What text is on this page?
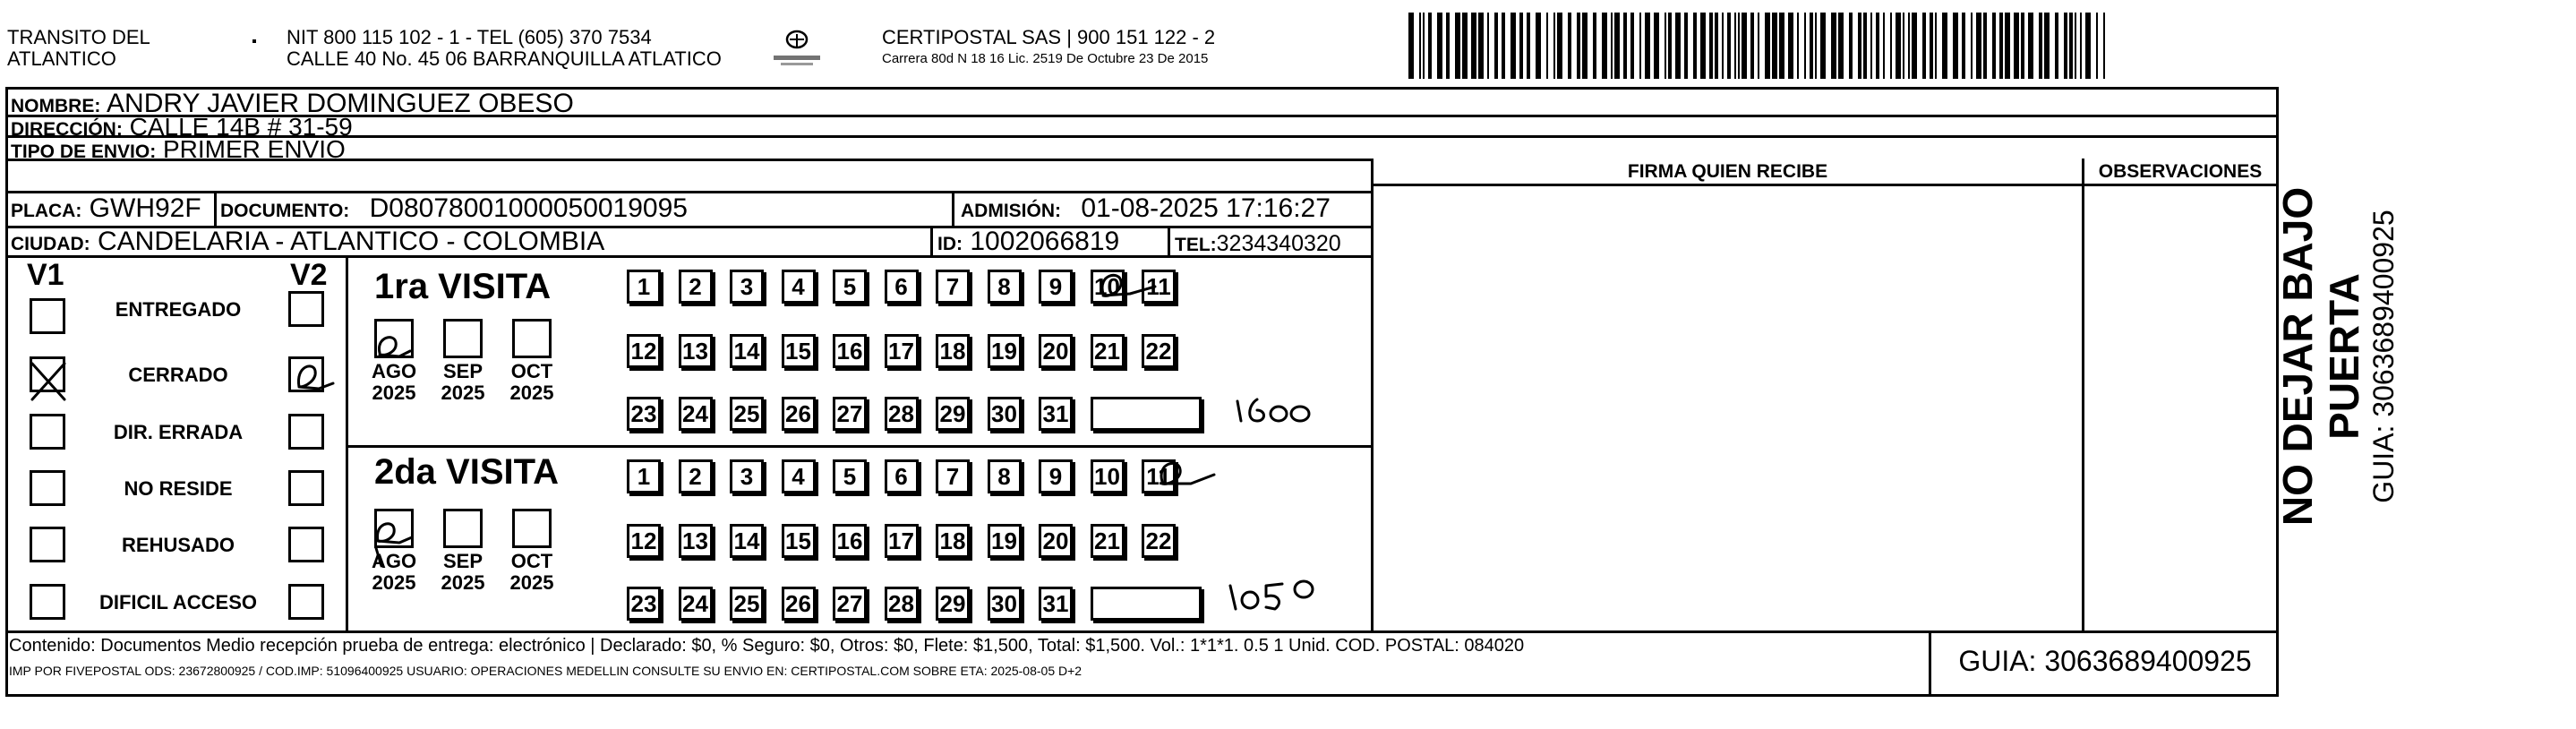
TRANSITO DEL
ATLANTICO
NIT 800 115 102 - 1 - TEL (605) 370 7534
CALLE 40 No. 45 06 BARRANQUILLA ATLATICO
CERTIPOSTAL SAS | 900 151 122 - 2
Carrera 80d N 18 16 Lic. 2519 De Octubre 23 De 2015
NOMBRE: ANDRY JAVIER DOMINGUEZ OBESO
DIRECCIÓN: CALLE 14B # 31-59
TIPO DE ENVIO: PRIMER ENVIO
FIRMA QUIEN RECIBE	OBSERVACIONES
PLACA: GWH92F DOCUMENTO: D08078001000050019095	ADMISIÓN: 01-08-2025 17:16:27
CIUDAD: CANDELARIA - ATLANTICO - COLOMBIA	ID: 1002066819	TEL:3234340320
V1	V2
ENTREGADO
CERRADO
DIR. ERRADA
NO RESIDE
REHUSADO
DIFICIL ACCESO
1ra VISITA
2da VISITA
AGO
2025
SEP
2025
OCT
2025
1	2	3	4	5	6	7	8	9	10 11
12 13 14 15 16 17 18 19 20 21 22
23 24 25 26 27 28 29 30 31
AGO
2025
SEP
2025
OCT
2025
1	2	3	4	5	6	7	8	9	10 11
12 13 14 15 16 17 18 19 20 21 22
23 24 25 26 27 28 29 30 31
Contenido: Documentos Medio recepción prueba de entrega: electrónico | Declarado: $0, % Seguro: $0, Otros: $0, Flete: $1,500, Total: $1,500. Vol.: 1*1*1. 0.5 1 Unid. COD. POSTAL: 084020
IMP POR FIVEPOSTAL ODS: 23672800925 / COD.IMP: 51096400925 USUARIO: OPERACIONES MEDELLIN CONSULTE SU ENVIO EN: CERTIPOSTAL.COM SOBRE ETA: 2025-08-05 D+2	GUIA: 3063689400925
NO DEJAR BAJO PUERTA GUIA: 3063689400925
